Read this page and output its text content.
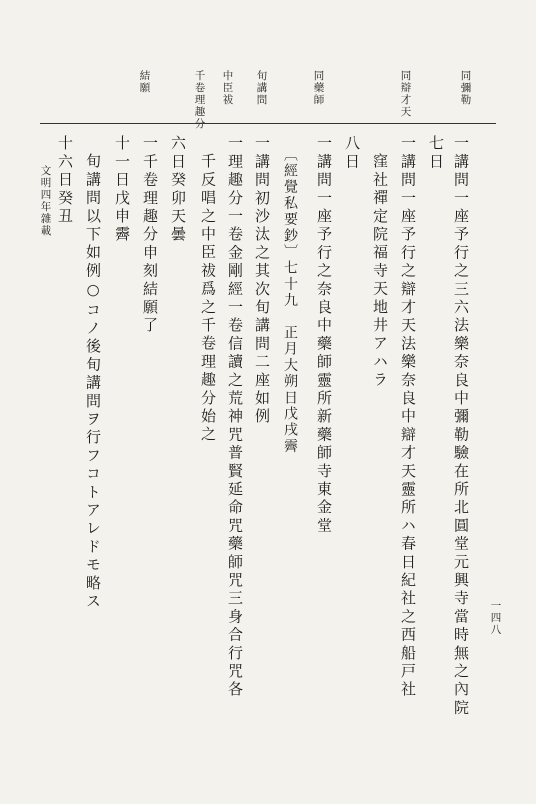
一四八
文明四年雜載
同彌勒
同辯才天
同藥師
旬講問
中臣祓
千卷理趣分
結願
一講問一座予行之三六法樂奈良中彌勒驗在所北圓堂元興寺當時無之內院
七日
一講問一座予行之辯才天法樂奈良中辯才天靈所ハ春日紀社之西船戸社
窪社禪定院福寺天地井アハラ
八日
一講問一座予行之奈良中藥師靈所新藥師寺東金堂
〔經覺私要鈔〕七十九　正月大朔日戊戌霽
一講問初沙汰之其次旬講問二座如例
一理趣分一卷金剛經一卷信讀之荒神咒普賢延命咒藥師咒三身合行咒各
千反唱之中臣祓爲之千卷理趣分始之
六日癸卯天曇
一千卷理趣分申刻結願了
十一日戊申霽
旬講問以下如例○コノ後旬講問ヲ行フコトアレドモ略ス
十六日癸丑
